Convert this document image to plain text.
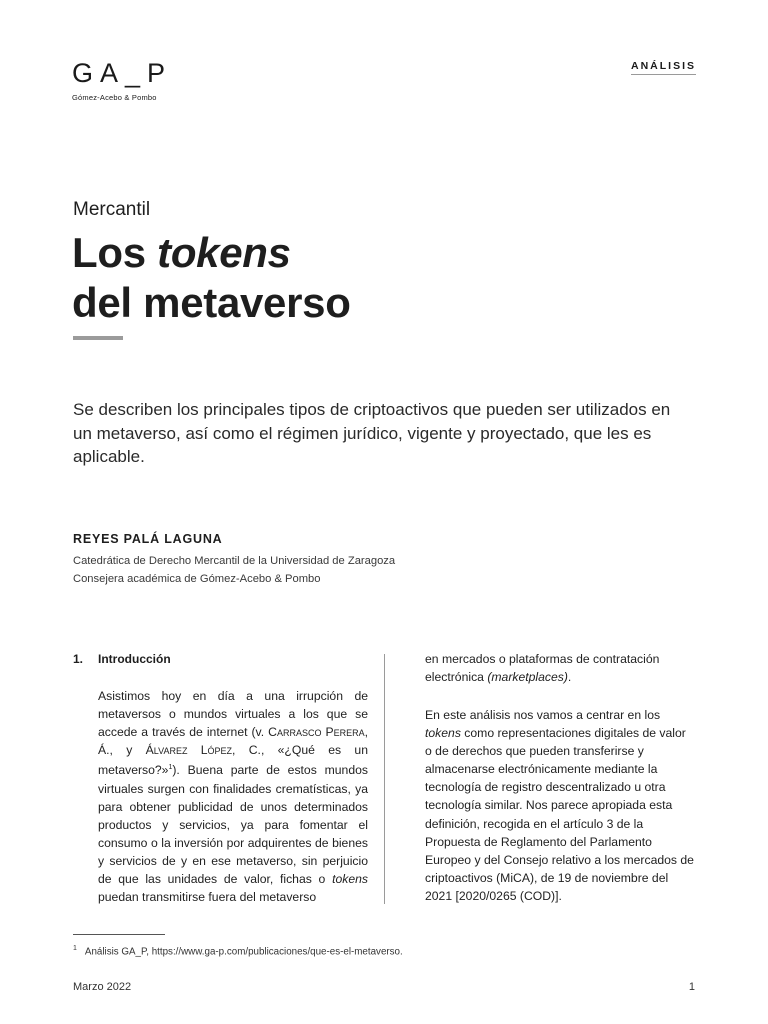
GA_P
Gómez-Acebo & Pombo
ANÁLISIS
Mercantil
Los tokens
del metaverso
Se describen los principales tipos de criptoactivos que pueden ser utilizados en un metaverso, así como el régimen jurídico, vigente y proyectado, que les es aplicable.
REYES PALÁ LAGUNA
Catedrática de Derecho Mercantil de la Universidad de Zaragoza
Consejera académica de Gómez-Acebo & Pombo
1. Introducción
Asistimos hoy en día a una irrupción de metaversos o mundos virtuales a los que se accede a través de internet (v. Carrasco Perera, Á., y Álvarez López, C., «¿Qué es un metaverso?»$^1$). Buena parte de estos mundos virtuales surgen con finalidades crematísticas, ya para obtener publicidad de unos determinados productos y servicios, ya para fomentar el consumo o la inversión por adquirentes de bienes y servicios de y en ese metaverso, sin perjuicio de que las unidades de valor, fichas o tokens puedan transmitirse fuera del metaverso
en mercados o plataformas de contratación electrónica (marketplaces).
En este análisis nos vamos a centrar en los tokens como representaciones digitales de valor o de derechos que pueden transferirse y almacenarse electrónicamente mediante la tecnología de registro descentralizado u otra tecnología similar. Nos parece apropiada esta definición, recogida en el artículo 3 de la Propuesta de Reglamento del Parlamento Europeo y del Consejo relativo a los mercados de criptoactivos (MiCA), de 19 de noviembre del 2021 [2020/0265 (COD)].
$^1$ Análisis GA_P, https://www.ga-p.com/publicaciones/que-es-el-metaverso.
Marzo 2022	1
